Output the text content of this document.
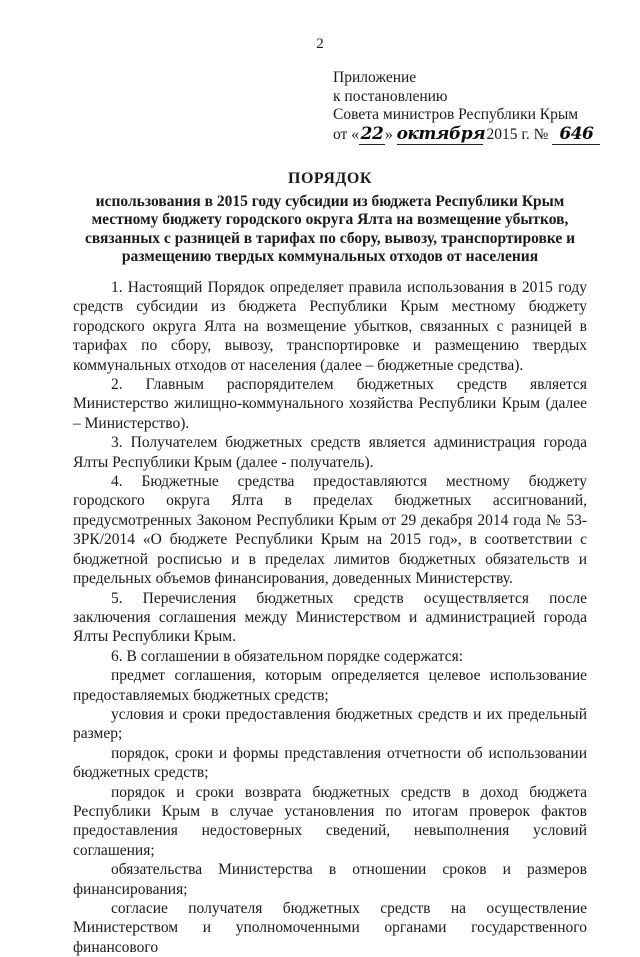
2
Приложение
к постановлению
Совета министров Республики Крым
от «22 » октября 2015 г. № 646
ПОРЯДОК
использования в 2015 году субсидии из бюджета Республики Крым местному бюджету городского округа Ялта на возмещение убытков, связанных с разницей в тарифах по сбору, вывозу, транспортировке и размещению твердых коммунальных отходов от населения

1. Настоящий Порядок определяет правила использования в 2015 году средств субсидии из бюджета Республики Крым местному бюджету городского округа Ялта на возмещение убытков, связанных с разницей в тарифах по сбору, вывозу, транспортировке и размещению твердых коммунальных отходов от населения (далее – бюджетные средства).

2. Главным распорядителем бюджетных средств является Министерство жилищно-коммунального хозяйства Республики Крым (далее – Министерство).

3. Получателем бюджетных средств является администрация города Ялты Республики Крым (далее - получатель).

4. Бюджетные средства предоставляются местному бюджету городского округа Ялта в пределах бюджетных ассигнований, предусмотренных Законом Республики Крым от 29 декабря 2014 года № 53-ЗРК/2014 «О бюджете Республики Крым на 2015 год», в соответствии с бюджетной росписью и в пределах лимитов бюджетных обязательств и предельных объемов финансирования, доведенных Министерству.

5. Перечисления бюджетных средств осуществляется после заключения соглашения между Министерством и администрацией города Ялты Республики Крым.

6. В соглашении в обязательном порядке содержатся:

предмет соглашения, которым определяется целевое использование предоставляемых бюджетных средств;

условия и сроки предоставления бюджетных средств и их предельный размер;

порядок, сроки и формы представления отчетности об использовании бюджетных средств;

порядок и сроки возврата бюджетных средств в доход бюджета Республики Крым в случае установления по итогам проверок фактов предоставления недостоверных сведений, невыполнения условий соглашения;

обязательства Министерства в отношении сроков и размеров финансирования;

согласие получателя бюджетных средств на осуществление Министерством и уполномоченными органами государственного финансового
